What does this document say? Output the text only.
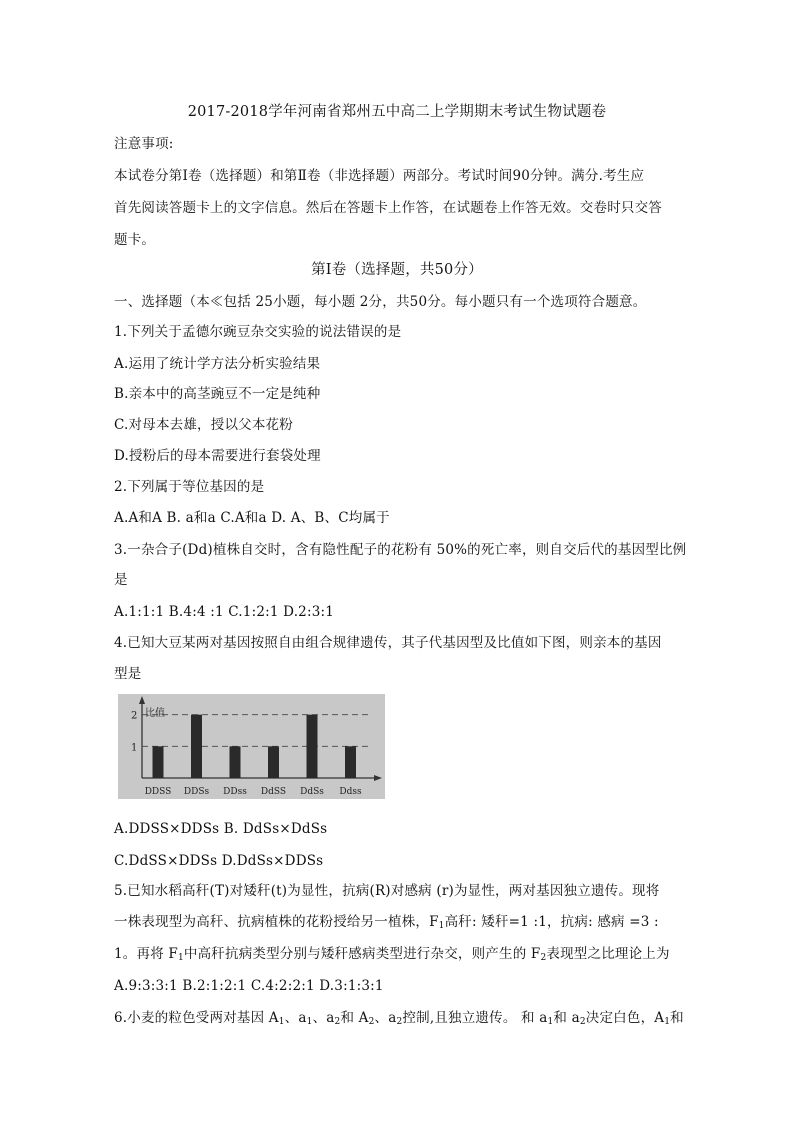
2017-2018学年河南省郑州五中高二上学期期末考试生物试题卷
注意事项:
本试卷分第Ⅰ卷（选择题）和第Ⅱ卷（非选择题）两部分。考试时间90分钟。满分.考生应
首先阅读答题卡上的文字信息。然后在答题卡上作答，在试题卷上作答无效。交卷时只交答
题卡。
第Ⅰ卷（选择题，共50分）
一、选择题（本≪包括 25小题，每小题 2分，共50分。每小题只有一个选项符合题意。
1.下列关于孟德尔豌豆杂交实验的说法错误的是
A.运用了统计学方法分析实验结果
B.亲本中的高茎豌豆不一定是纯种
C.对母本去雄，授以父本花粉
D.授粉后的母本需要进行套袋处理
2.下列属于等位基因的是
A.A和A B. a和a C.A和a D. A、B、C均属于
3.一杂合子(Dd)植株自交时，含有隐性配子的花粉有 50%的死亡率，则自交后代的基因型比例
是
A.1:1:1 B.4:4 :1 C.1:2:1 D.2:3:1
4.已知大豆某两对基因按照自由组合规律遗传，其子代基因型及比值如下图，则亲本的基因
型是
比值
1
2
DDSS DDSs DDss DdSS DdSs Ddss
A.DDSS×DDSs B. DdSs×DdSs
C.DdSS×DDSs D.DdSs×DDSs
5.已知水稻高秆(T)对矮秆(t)为显性，抗病(R)对感病 (r)为显性，两对基因独立遗传。现将
一株表现型为高秆、抗病植株的花粉授给另一植株，$F_1$高秆: 矮秆=1 :1，抗病: 感病 =3 :
1。再将 $F_1$中高秆抗病类型分别与矮秆感病类型进行杂交，则产生的 $F_2$表现型之比理论上为
A.9:3:3:1 B.2:1:2:1 C.4:2:2:1 D.3:1:3:1
6.小麦的粒色受两对基因 $A_1$、$a_1$、$a_2$和 $A_2$、$a_2$控制,且独立遗传。 和 $a_1$和 $a_2$决定白色，$A_1$和
